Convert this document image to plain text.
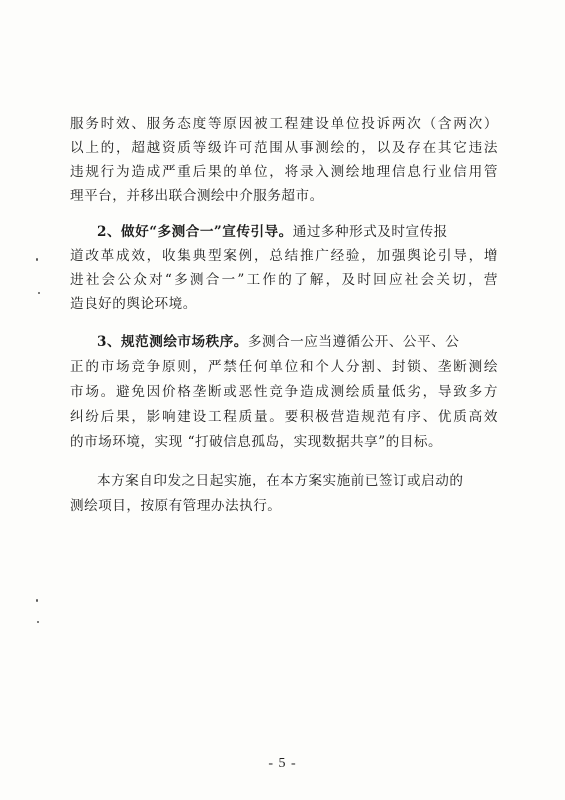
服务时效、服务态度等原因被工程建设单位投诉两次（含两次）
以上的，超越资质等级许可范围从事测绘的，以及存在其它违法
违规行为造成严重后果的单位，将录入测绘地理信息行业信用管
理平台，并移出联合测绘中介服务超市。
2、做好“多测合一”宣传引导。通过多种形式及时宣传报
道改革成效，收集典型案例，总结推广经验，加强舆论引导，增
进社会公众对“多测合一”工作的了解，及时回应社会关切，营
造良好的舆论环境。
3、规范测绘市场秩序。多测合一应当遵循公开、公平、公
正的市场竞争原则，严禁任何单位和个人分割、封锁、垄断测绘
市场。避免因价格垄断或恶性竞争造成测绘质量低劣，导致多方
纠纷后果，影响建设工程质量。要积极营造规范有序、优质高效
的市场环境，实现 “打破信息孤岛，实现数据共享”的目标。
本方案自印发之日起实施，在本方案实施前已签订或启动的
测绘项目，按原有管理办法执行。
- 5 -
